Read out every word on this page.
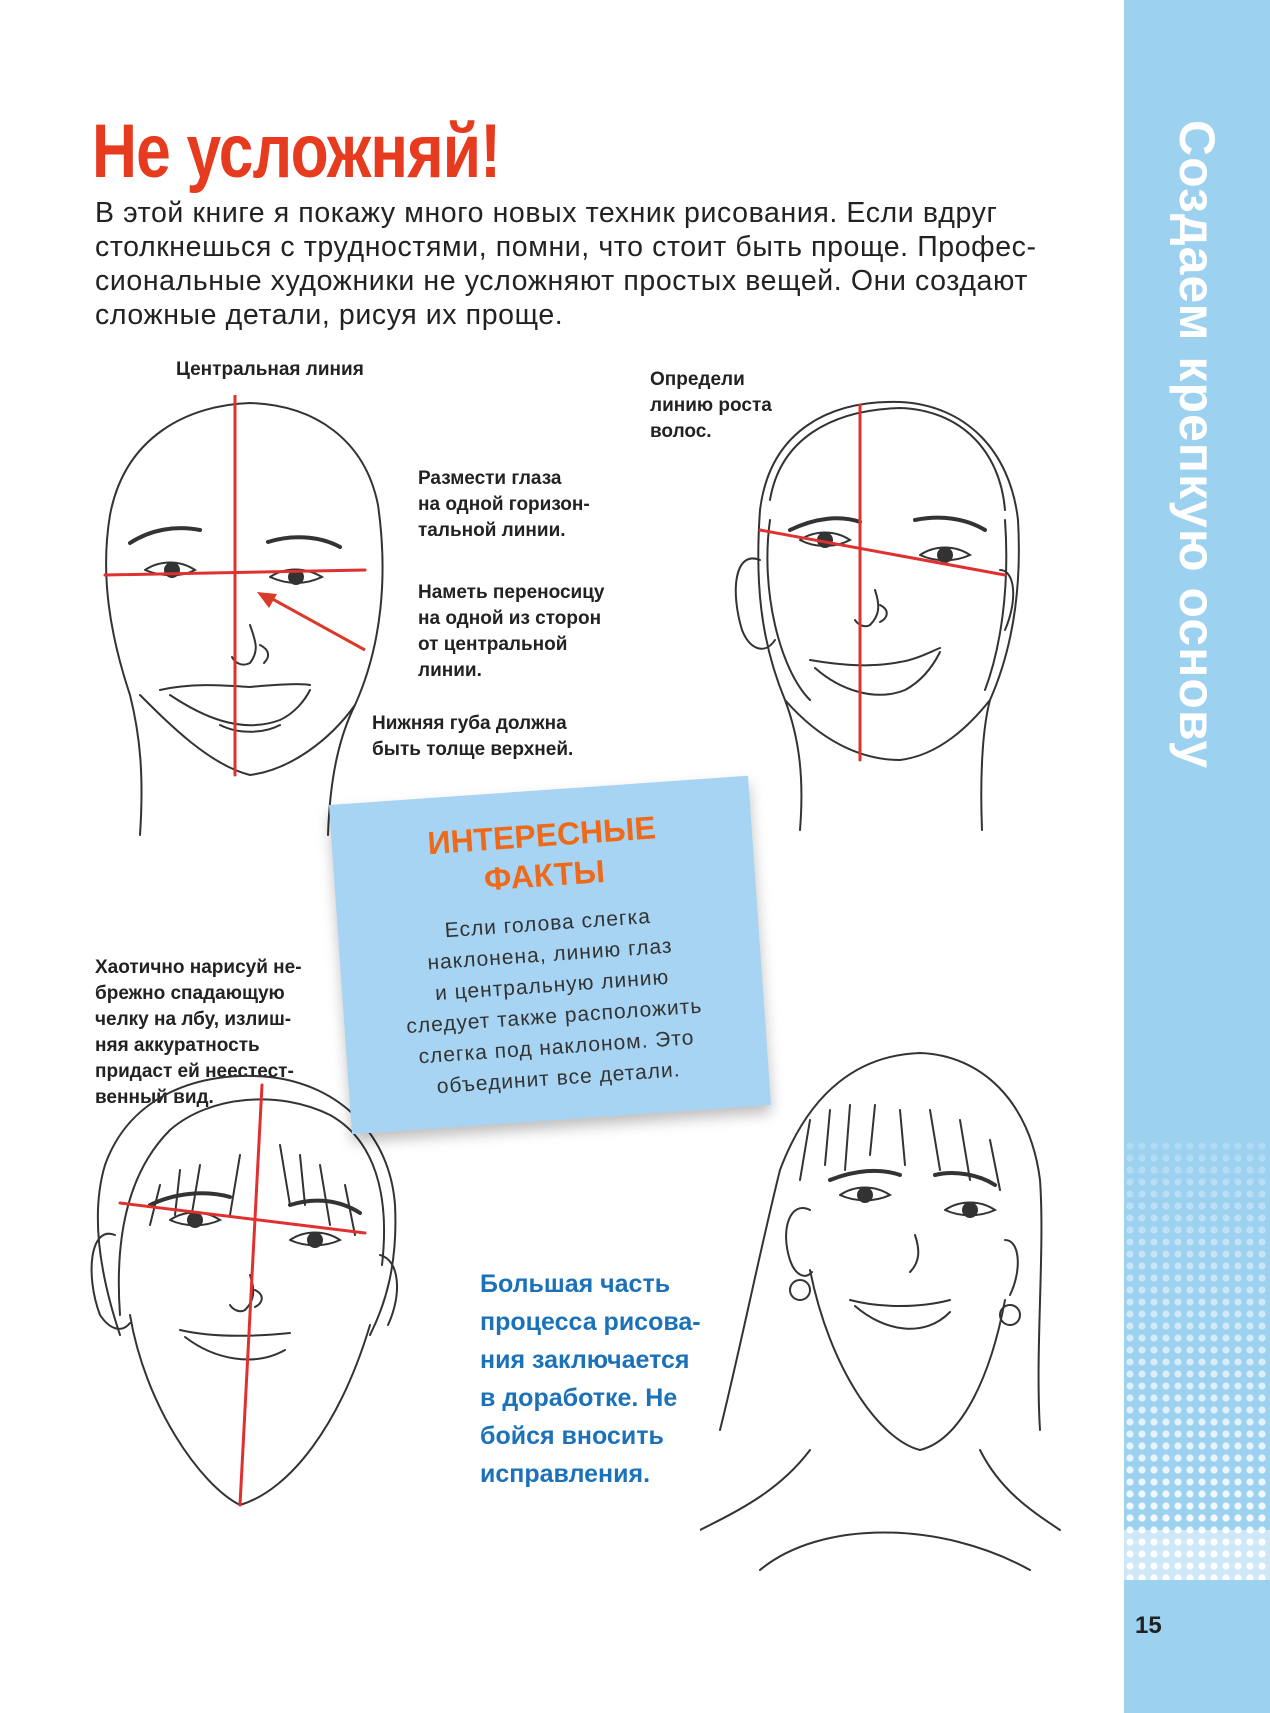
Создаем крепкую основу
Не усложняй!
В этой книге я покажу много новых техник рисования. Если вдруг
столкнешься с трудностями, помни, что стоит быть проще. Профес-
сиональные художники не усложняют простых вещей. Они создают
сложные детали, рисуя их проще.
Центральная линия	Определи
линию роста
волос.
Размести глаза
на одной горизон-
тальной линии.
Наметь переносицу
на одной из сторон
от центральной
линии.
Нижняя губа должна
быть толще верхней.
Хаотично нарисуй не-
брежно спадающую
челку на лбу, излиш-
няя аккуратность
придаст ей неестест-
венный вид.
ИНТЕРЕСНЫЕ
ФАКТЫ
Если голова слегка
наклонена, линию глаз
и центральную линию
следует также расположить
слегка под наклоном. Это
объединит все детали.
Большая часть
процесса рисова-
ния заключается
в доработке. Не
бойся вносить
исправления.
15
